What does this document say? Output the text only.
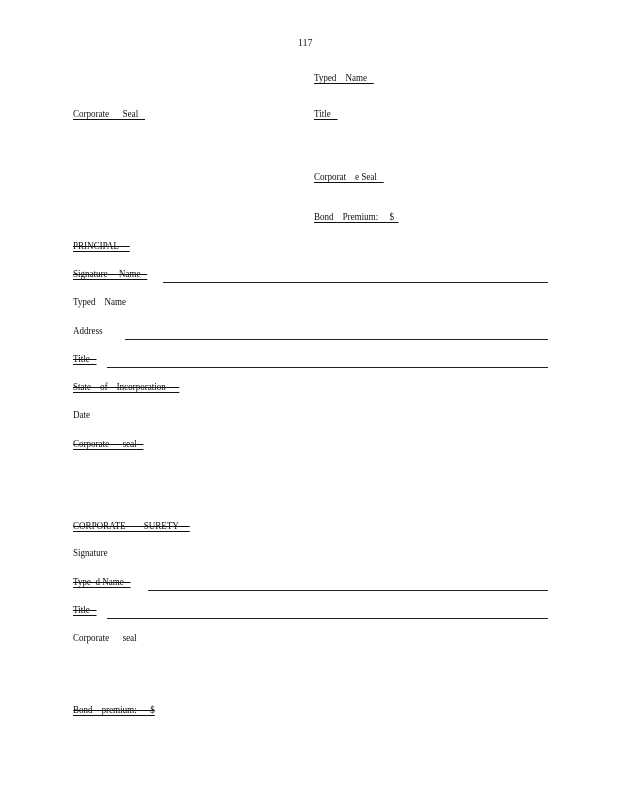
117
Typed    Name
Corporate      Seal	Title
Corporat    e Seal
Bond    Premium:     $
PRINCIPAL
Signature     Name
Typed    Name
Address
Title
State    of    Incorporation
Date
Corporate      seal
CORPORATE        SURETY
Signature
Type  d Name
Title
Corporate      seal
Bond    premium:      $
